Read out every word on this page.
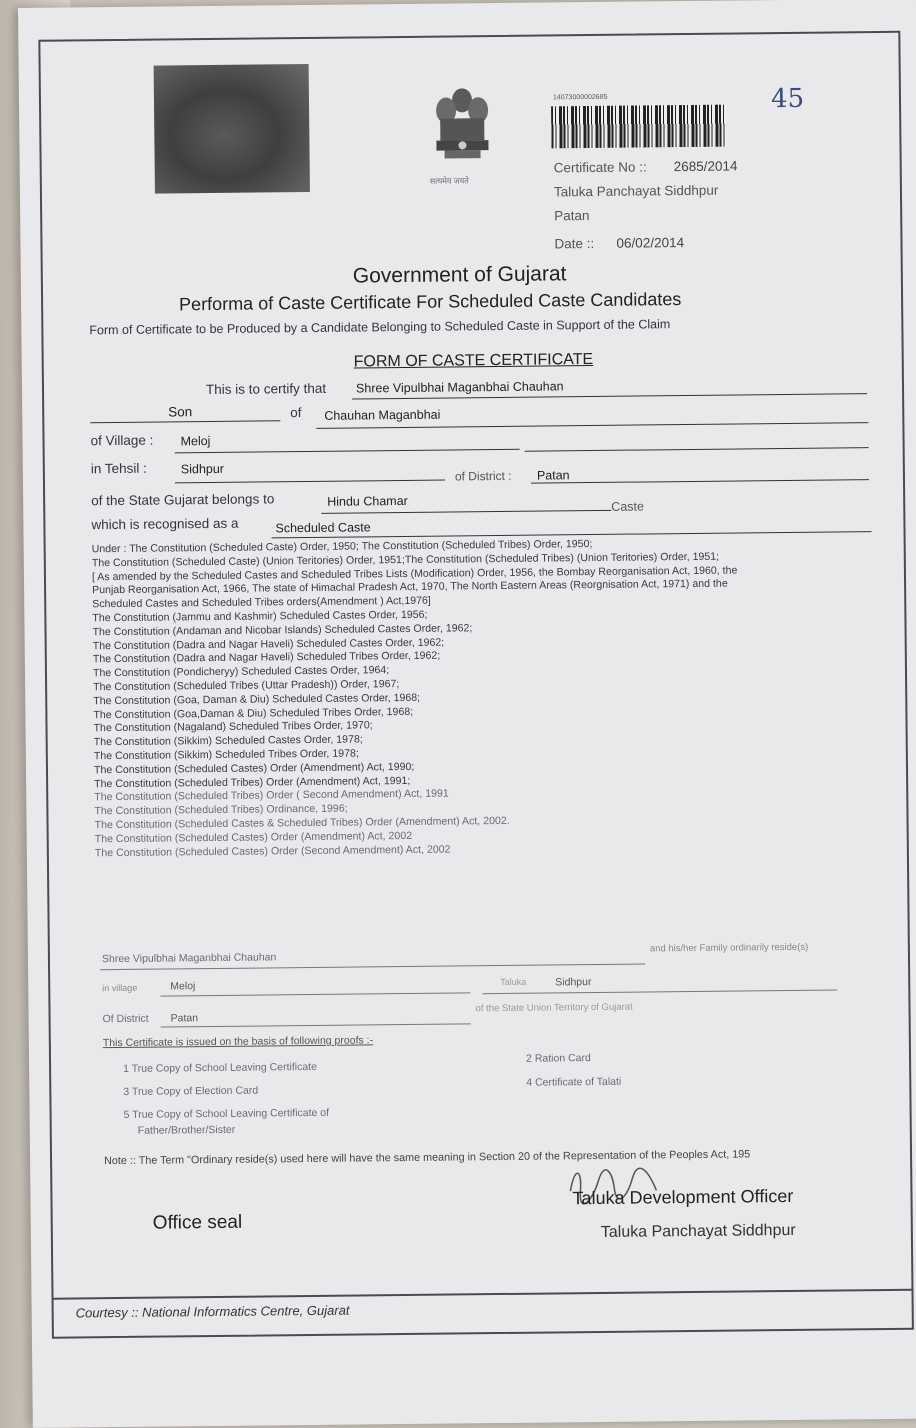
सत्यमेव जयते
14073000002685	45
Certificate No :: 2685/2014
Taluka Panchayat Siddhpur
Patan
Date :: 06/02/2014
Government of Gujarat
Performa of Caste Certificate For Scheduled Caste Candidates
Form of Certificate to be Produced by a Candidate Belonging to Scheduled Caste in Support of the Claim
FORM OF CASTE CERTIFICATE
This is to certify that Shree Vipulbhai Maganbhai Chauhan
Son	of Chauhan Maganbhai
of Village : Meloj
in Tehsil :	Sidhpur	of District : Patan
of the State Gujarat belongs to	Hindu Chamar	Caste
which is recognised as a	Scheduled Caste
Under : The Constitution (Scheduled Caste) Order, 1950; The Constitution (Scheduled Tribes) Order, 1950;
The Constitution (Scheduled Caste) (Union Teritories) Order, 1951;The Constitution (Scheduled Tribes) (Union Teritories) Order, 1951;
[ As amended by the Scheduled Castes and Scheduled Tribes Lists (Modification) Order, 1956, the Bombay Reorganisation Act, 1960, the
Punjab Reorganisation Act, 1966, The state of Himachal Pradesh Act, 1970, The North Eastern Areas (Reorgnisation Act, 1971) and the
Scheduled Castes and Scheduled Tribes orders(Amendment ) Act,1976]
The Constitution (Jammu and Kashmir) Scheduled Castes Order, 1956;
The Constitution (Andaman and Nicobar Islands) Scheduled Castes Order, 1962;
The Constitution (Dadra and Nagar Haveli) Scheduled Castes Order, 1962;
The Constitution (Dadra and Nagar Haveli) Scheduled Tribes Order, 1962;
The Constitution (Pondicheryy) Scheduled Castes Order, 1964;
The Constitution (Scheduled Tribes (Uttar Pradesh)) Order, 1967;
The Constitution (Goa, Daman & Diu) Scheduled Castes Order, 1968;
The Constitution (Goa,Daman & Diu) Scheduled Tribes Order, 1968;
The Constitution (Nagaland) Scheduled Tribes Order, 1970;
The Constitution (Sikkim) Scheduled Castes Order, 1978;
The Constitution (Sikkim) Scheduled Tribes Order, 1978;
The Constitution (Scheduled Castes) Order (Amendment) Act, 1990;
The Constitution (Scheduled Tribes) Order (Amendment) Act, 1991;
The Constitution (Scheduled Tribes) Order ( Second Amendment) Act, 1991
The Constitution (Scheduled Tribes) Ordinance, 1996;
The Constitution (Scheduled Castes & Scheduled Tribes) Order (Amendment) Act, 2002.
The Constitution (Scheduled Castes) Order (Amendment) Act, 2002
The Constitution (Scheduled Castes) Order (Second Amendment) Act, 2002
Shree Vipulbhai Maganbhai Chauhan
and his/her Family ordinarily reside(s)
in village	Meloj	Taluka	Sidhpur
Of District Patan
of the State Union Territory of Gujarat
This Certificate is issued on the basis of following proofs :-
1 True Copy of School Leaving Certificate
2 Ration Card
3 True Copy of Election Card
4 Certificate of Talati
5 True Copy of School Leaving Certificate of
Father/Brother/Sister
Note :: The Term "Ordinary reside(s) used here will have the same meaning in Section 20 of the Representation of the Peoples Act, 195
Office seal
Taluka Development Officer
Taluka Panchayat Siddhpur
Courtesy :: National Informatics Centre, Gujarat
